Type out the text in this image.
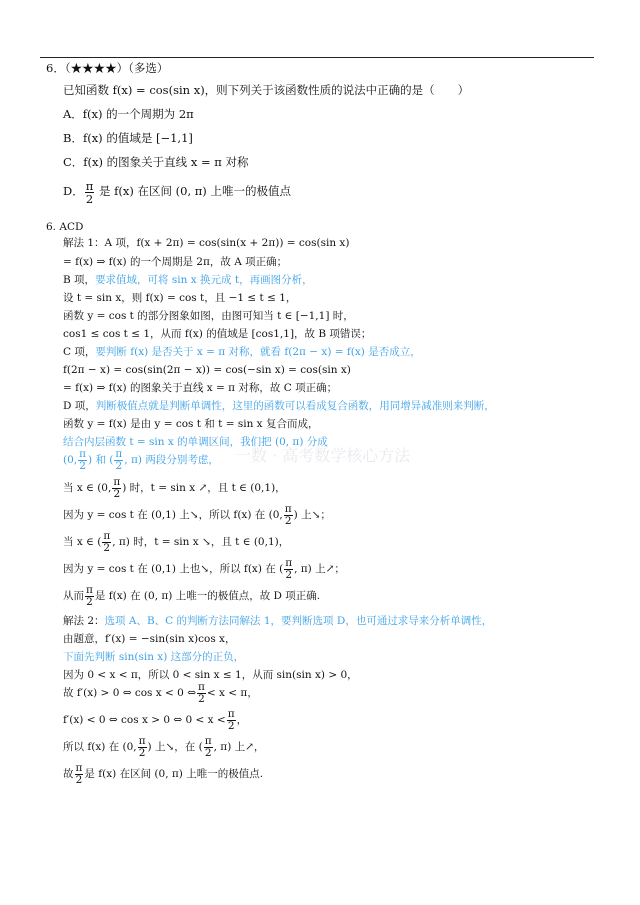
6．（★★★★）（多选）
已知函数 f(x) = cos(sin x)，则下列关于该函数性质的说法中正确的是（　　）
A．f(x) 的一个周期为 2π
B．f(x) 的值域是 [−1,1]
C．f(x) 的图象关于直线 x = π 对称
D． $\frac{\pi}{2}$ 是 f(x) 在区间 (0, π) 上唯一的极值点
6. ACD
解法 1：A 项，f(x + 2π) = cos(sin(x + 2π)) = cos(sin x)
= f(x) ⇒ f(x) 的一个周期是 2π，故 A 项正确；
B 项，要求值域，可将 sin x 换元成 t，再画图分析，
设 t = sin x，则 f(x) = cos t，且 −1 ≤ t ≤ 1，
函数 y = cos t 的部分图象如图，由图可知当 t ∈ [−1,1] 时，
cos1 ≤ cos t ≤ 1，从而 f(x) 的值域是 [cos1,1]，故 B 项错误；
C 项，要判断 f(x) 是否关于 x = π 对称，就看 f(2π − x) = f(x) 是否成立，
f(2π − x) = cos(sin(2π − x)) = cos(−sin x) = cos(sin x)
= f(x) ⇒ f(x) 的图象关于直线 x = π 对称，故 C 项正确；
D 项，判断极值点就是判断单调性，这里的函数可以看成复合函数，用同增异减准则来判断，
函数 y = f(x) 是由 y = cos t 和 t = sin x 复合而成，
结合内层函数 t = sin x 的单调区间，我们把 (0, π) 分成
(0, $\frac{\pi}{2}$ ) 和 ( $\frac{\pi}{2}$ , π) 两段分别考虑， 一数 · 高考数学核心方法
当 x ∈ (0, $\frac{\pi}{2}$ ) 时，t = sin x ↗，且 t ∈ (0,1)，
因为 y = cos t 在 (0,1) 上↘，所以 f(x) 在 (0, $\frac{\pi}{2}$ ) 上↘；
当 x ∈ ( $\frac{\pi}{2}$ , π) 时，t = sin x ↘，且 t ∈ (0,1)，
因为 y = cos t 在 (0,1) 上也↘，所以 f(x) 在 ( $\frac{\pi}{2}$ , π) 上↗；
从而 $\frac{\pi}{2}$ 是 f(x) 在 (0, π) 上唯一的极值点，故 D 项正确.
解法 2：选项 A、B、C 的判断方法同解法 1，要判断选项 D，也可通过求导来分析单调性，
由题意，f′(x) = −sin(sin x)cos x，
下面先判断 sin(sin x) 这部分的正负，
因为 0 < x < π，所以 0 < sin x ≤ 1，从而 sin(sin x) > 0，
故 f′(x) > 0 ⇔ cos x < 0 ⇔ $\frac{\pi}{2} < x < \pi$，
f′(x) < 0 ⇔ cos x > 0 ⇔ $0 < x < \frac{\pi}{2}$ ，
所以 f(x) 在 (0, $\frac{\pi}{2}$ ) 上↘，在 ( $\frac{\pi}{2}$ , π) 上↗，
故 $\frac{\pi}{2}$ 是 f(x) 在区间 (0, π) 上唯一的极值点.
